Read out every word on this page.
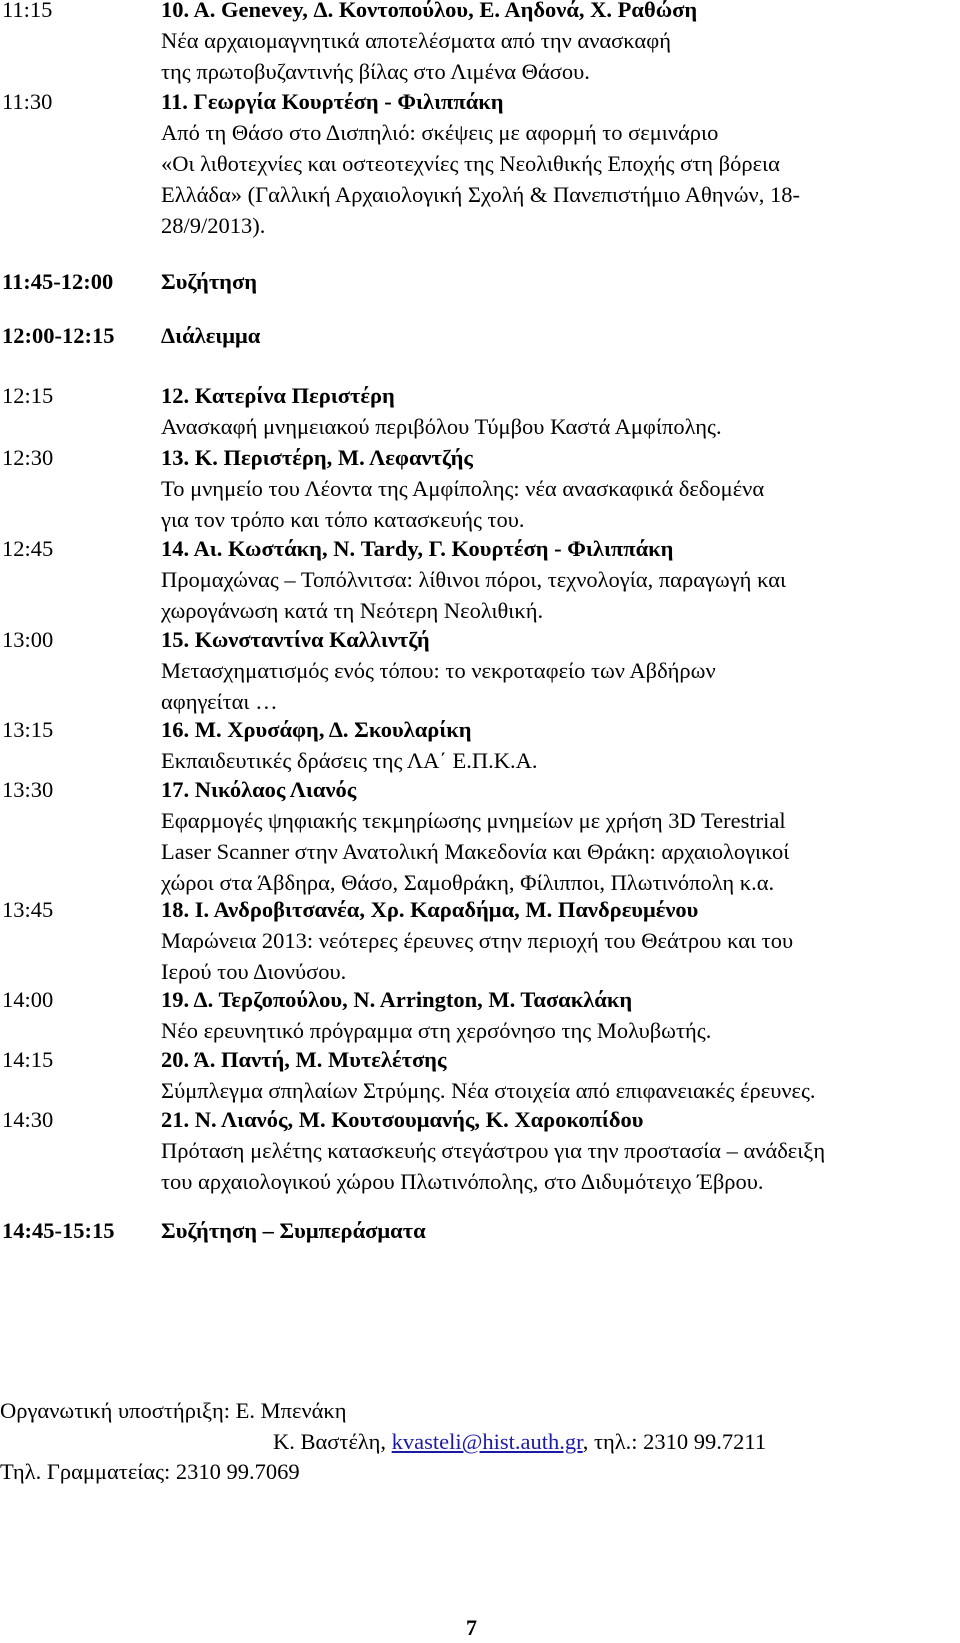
11:15	10. Α. Genevey, Δ. Κοντοπούλου, Ε. Αηδονά, Χ. Ραθώση
Νέα αρχαιομαγνητικά αποτελέσματα από την ανασκαφή
της πρωτοβυζαντινής βίλας στο Λιμένα Θάσου.
11:30	11. Γεωργία Κουρτέση - Φιλιππάκη
Από τη Θάσο στο Δισπηλιό: σκέψεις με αφορμή το σεμινάριο
«Οι λιθοτεχνίες και οστεοτεχνίες της Νεολιθικής Εποχής στη βόρεια
Ελλάδα» (Γαλλική Αρχαιολογική Σχολή & Πανεπιστήμιο Αθηνών, 18-
28/9/2013).
11:45-12:00 Συζήτηση
12:00-12:15 Διάλειμμα
12:15	12. Κατερίνα Περιστέρη
Ανασκαφή μνημειακού περιβόλου Τύμβου Καστά Αμφίπολης.
12:30	13. Κ. Περιστέρη, Μ. Λεφαντζής
Το μνημείο του Λέοντα της Αμφίπολης: νέα ανασκαφικά δεδομένα
για τον τρόπο και τόπο κατασκευής του.
12:45	14. Αι. Κωστάκη, Ν. Tardy, Γ. Κουρτέση - Φιλιππάκη
Προμαχώνας – Τοπόλνιτσα: λίθινοι πόροι, τεχνολογία, παραγωγή και
χωρογάνωση κατά τη Νεότερη Νεολιθική.
13:00	15. Κωνσταντίνα Καλλιντζή
Μετασχηματισμός ενός τόπου: το νεκροταφείο των Αβδήρων
αφηγείται …
13:15	16. Μ. Χρυσάφη, Δ. Σκουλαρίκη
Εκπαιδευτικές δράσεις της ΛΑ΄ Ε.Π.Κ.Α.
13:30	17. Νικόλαος Λιανός
Εφαρμογές ψηφιακής τεκμηρίωσης μνημείων με χρήση 3D Terestrial
Laser Scanner στην Ανατολική Μακεδονία και Θράκη: αρχαιολογικοί
χώροι στα Άβδηρα, Θάσο, Σαμοθράκη, Φίλιπποι, Πλωτινόπολη κ.α.
13:45	18. Ι. Ανδροβιτσανέα, Χρ. Καραδήμα, Μ. Πανδρευμένου
Μαρώνεια 2013: νεότερες έρευνες στην περιοχή του Θεάτρου και του
Ιερού του Διονύσου.
14:00	19. Δ. Τερζοπούλου, N. Arrington, Μ. Τασακλάκη
Νέο ερευνητικό πρόγραμμα στη χερσόνησο της Μολυβωτής.
14:15	20. Ά. Παντή, Μ. Μυτελέτσης
Σύμπλεγμα σπηλαίων Στρύμης. Νέα στοιχεία από επιφανειακές έρευνες.
14:30	21. Ν. Λιανός, Μ. Κουτσουμανής, Κ. Χαροκοπίδου
Πρόταση μελέτης κατασκευής στεγάστρου για την προστασία – ανάδειξη
του αρχαιολογικού χώρου Πλωτινόπολης, στο Διδυμότειχο Έβρου.
14:45-15:15 Συζήτηση – Συμπεράσματα
Οργανωτική υποστήριξη: Ε. Μπενάκη
Κ. Βαστέλη, kvasteli@hist.auth.gr, τηλ.: 2310 99.7211
Τηλ. Γραμματείας: 2310 99.7069
7
